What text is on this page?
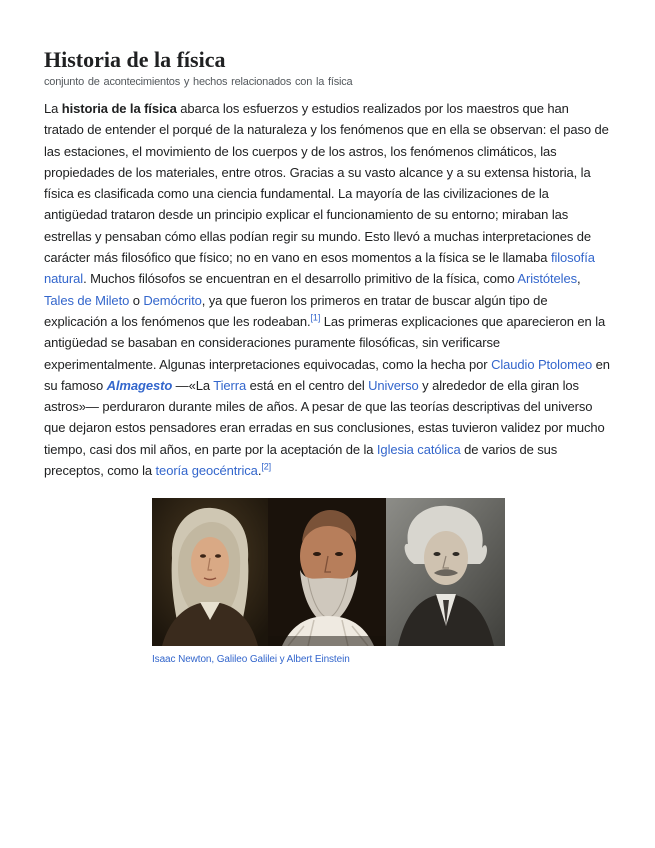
Historia de la física
conjunto de acontecimientos y hechos relacionados con la física

La historia de la física abarca los esfuerzos y estudios realizados por los maestros que han tratado de entender el porqué de la naturaleza y los fenómenos que en ella se observan: el paso de las estaciones, el movimiento de los cuerpos y de los astros, los fenómenos climáticos, las propiedades de los materiales, entre otros. Gracias a su vasto alcance y a su extensa historia, la física es clasificada como una ciencia fundamental. La mayoría de las civilizaciones de la antigüedad trataron desde un principio explicar el funcionamiento de su entorno; miraban las estrellas y pensaban cómo ellas podían regir su mundo. Esto llevó a muchas interpretaciones de carácter más filosófico que físico; no en vano en esos momentos a la física se le llamaba filosofía natural. Muchos filósofos se encuentran en el desarrollo primitivo de la física, como Aristóteles, Tales de Mileto o Demócrito, ya que fueron los primeros en tratar de buscar algún tipo de explicación a los fenómenos que les rodeaban.[1] Las primeras explicaciones que aparecieron en la antigüedad se basaban en consideraciones puramente filosóficas, sin verificarse experimentalmente. Algunas interpretaciones equivocadas, como la hecha por Claudio Ptolomeo en su famoso Almagesto —«La Tierra está en el centro del Universo y alrededor de ella giran los astros»— perduraron durante miles de años. A pesar de que las teorías descriptivas del universo que dejaron estos pensadores eran erradas en sus conclusiones, estas tuvieron validez por mucho tiempo, casi dos mil años, en parte por la aceptación de la Iglesia católica de varios de sus preceptos, como la teoría geocéntrica.[2]

Isaac Newton, Galileo Galilei y Albert Einstein
